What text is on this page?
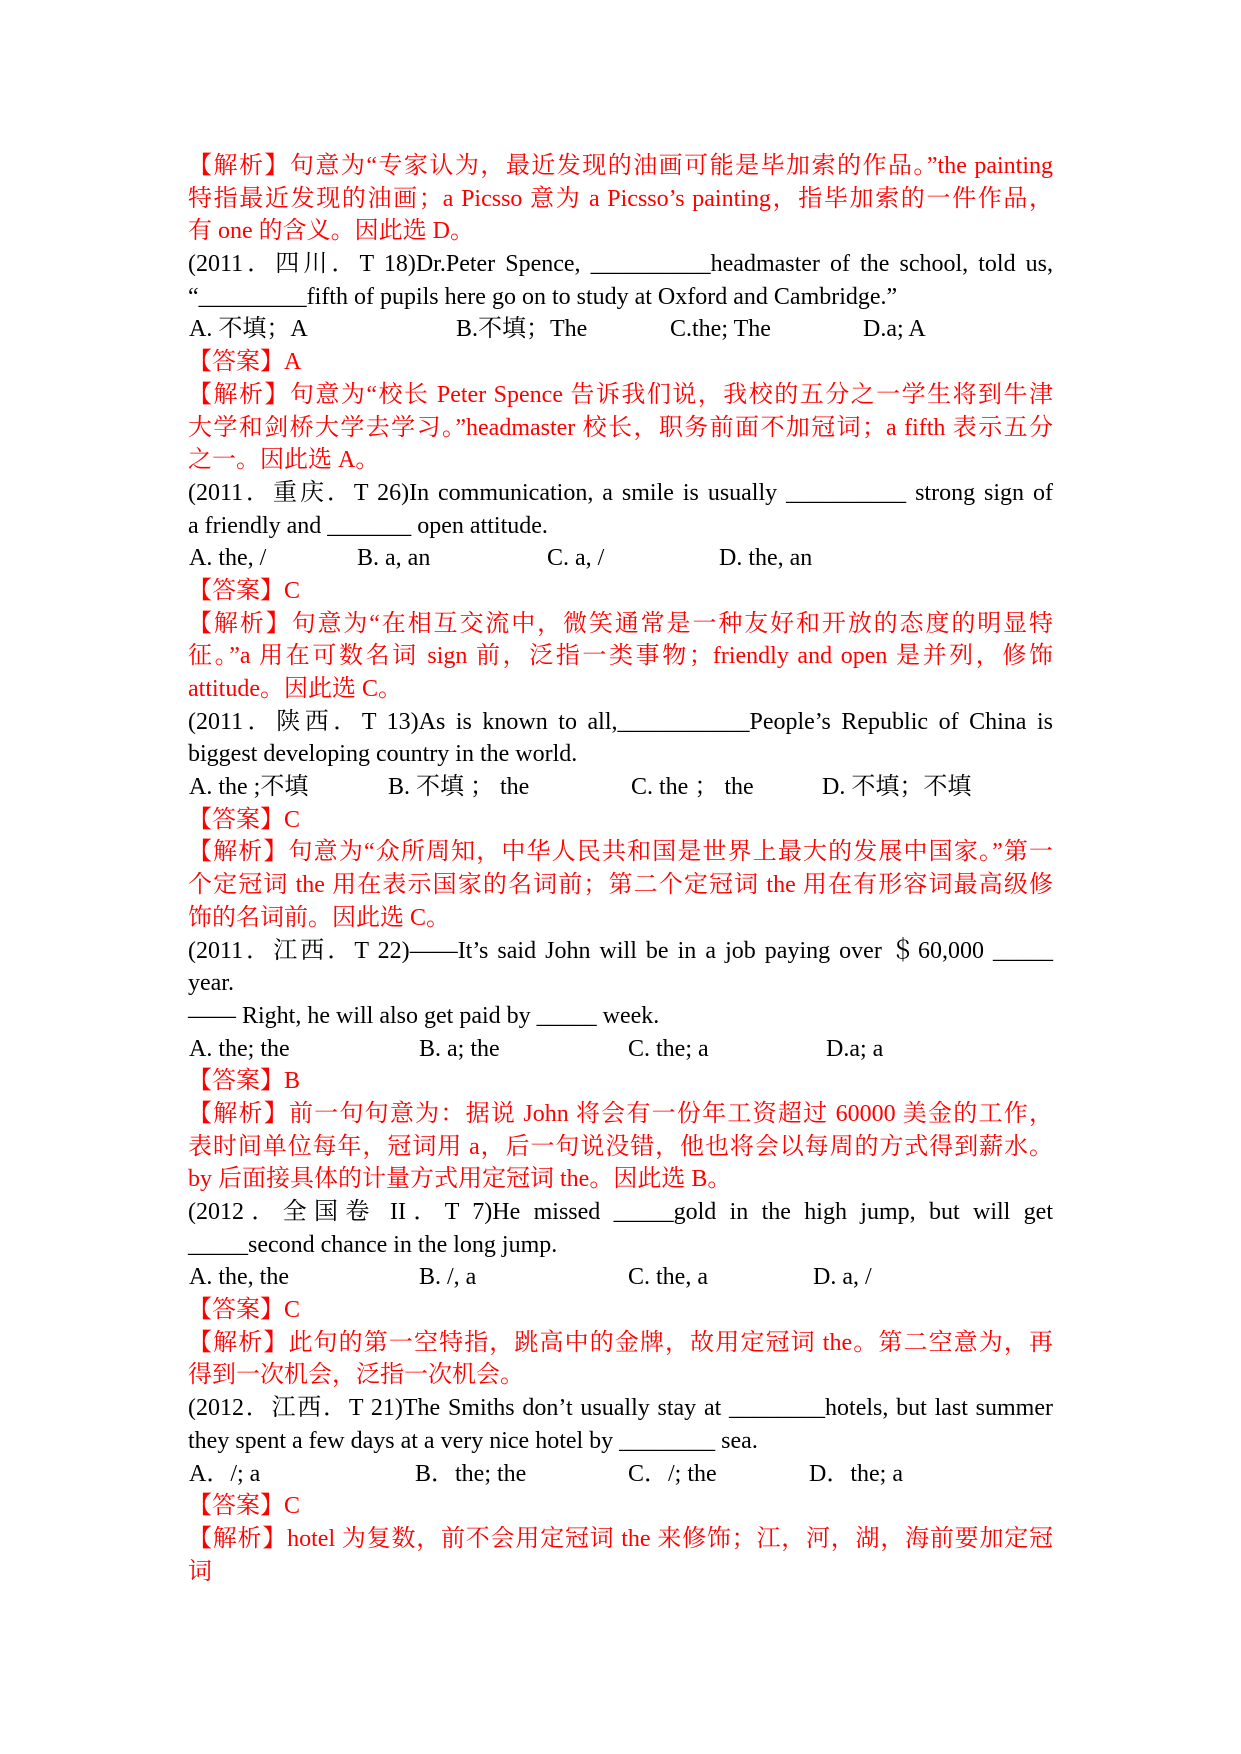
【解析】句意为“专家认为，最近发现的油画可能是毕加索的作品。”the painting
特指最近发现的油画；a Picsso 意为 a Picsso’s painting，指毕加索的一件作品，
有 one 的含义。因此选 D。
(2011．四川．T 18)Dr.Peter Spence, __________headmaster of the school, told us,
“_________fifth of pupils here go on to study at Oxford and Cambridge.”
A. 不填；A	B.不填；The	C.the; The	D.a; A
【答案】A
【解析】句意为“校长 Peter Spence 告诉我们说，我校的五分之一学生将到牛津
大学和剑桥大学去学习。”headmaster 校长，职务前面不加冠词；a fifth 表示五分
之一。因此选 A。
(2011．重庆．T 26)In communication, a smile is usually __________ strong sign of
a friendly and _______ open attitude.
A. the, /	B. a, an	C. a, /	D. the, an
【答案】C
【解析】句意为“在相互交流中，微笑通常是一种友好和开放的态度的明显特
征。”a 用在可数名词 sign 前，泛指一类事物；friendly and open 是并列，修饰
attitude。因此选 C。
(2011．陕西．T 13)As is known to all,___________People’s Republic of China is
biggest developing country in the world.
A. the ;不填	B. 不填 ； the	C. the ； the	D. 不填；不填
【答案】C
【解析】句意为“众所周知，中华人民共和国是世界上最大的发展中国家。”第一
个定冠词 the 用在表示国家的名词前；第二个定冠词 the 用在有形容词最高级修
饰的名词前。因此选 C。
(2011．江西．T 22)——It’s said John will be in a job paying over ＄60,000 _____
year.
—— Right, he will also get paid by _____ week.
A. the; the	B. a; the	C. the; a	D.a; a
【答案】B
【解析】前一句句意为：据说 John 将会有一份年工资超过 60000 美金的工作，
表时间单位每年，冠词用 a，后一句说没错，他也将会以每周的方式得到薪水。
by 后面接具体的计量方式用定冠词 the。因此选 B。
(2012．全国卷 II．T 7)He missed _____gold in the high jump, but will get
_____second chance in the long jump.
A. the, the	B. /, a	C. the, a	D. a, /
【答案】C
【解析】此句的第一空特指，跳高中的金牌，故用定冠词 the。第二空意为，再
得到一次机会，泛指一次机会。
(2012．江西．T 21)The Smiths don’t usually stay at ________hotels, but last summer
they spent a few days at a very nice hotel by ________ sea.
A．/; a	B．the; the	C．/; the	D．the; a
【答案】C
【解析】hotel 为复数，前不会用定冠词 the 来修饰；江，河，湖，海前要加定冠
词
